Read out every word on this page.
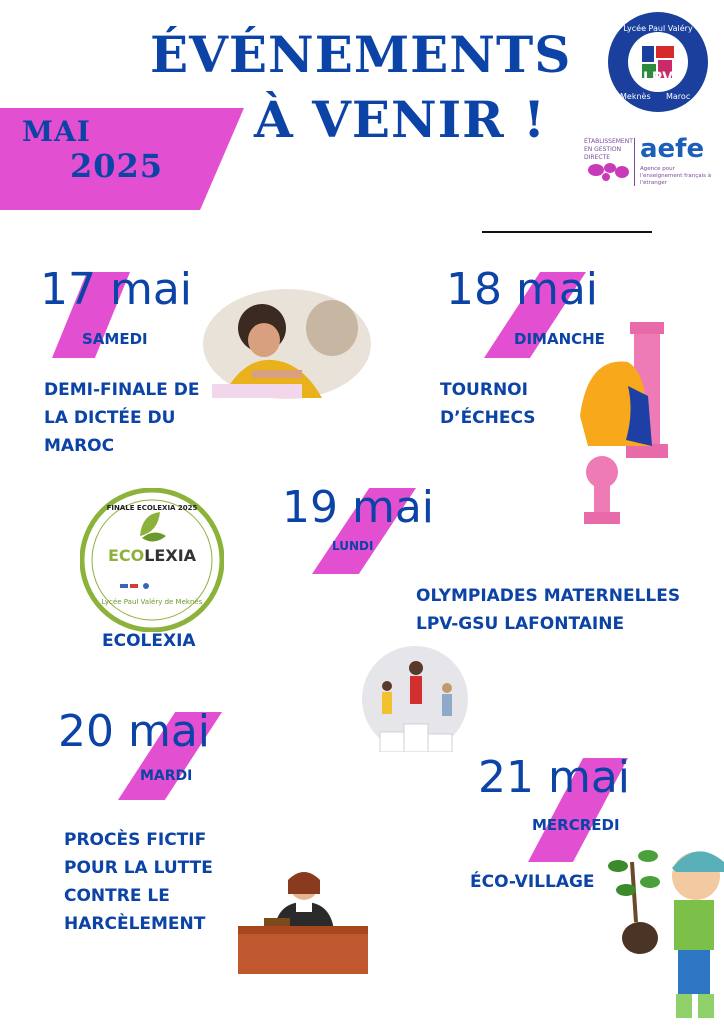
ÉVÉNEMENTS
À VENIR !
MAI
2025
LPV
Lycée Paul Valéry
Meknès Maroc
ÉTABLISSEMENT EN GESTION DIRECTE	aefe
Agence pour l'enseignement français à l'étranger
17 mai
SAMEDI
DEMI-FINALE DE
LA DICTÉE DU
MAROC
18 mai
DIMANCHE
TOURNOI
D’ÉCHECS
19 mai
LUNDI
OLYMPIADES MATERNELLES
LPV-GSU LAFONTAINE
FINALE ECOLEXIA 2025
ECOLEXIA
Lycée Paul Valéry de Meknès
ECOLEXIA
20 mai
MARDI
PROCÈS FICTIF
POUR LA LUTTE
CONTRE LE
HARCÈLEMENT
21 mai
MERCREDI
ÉCO-VILLAGE
